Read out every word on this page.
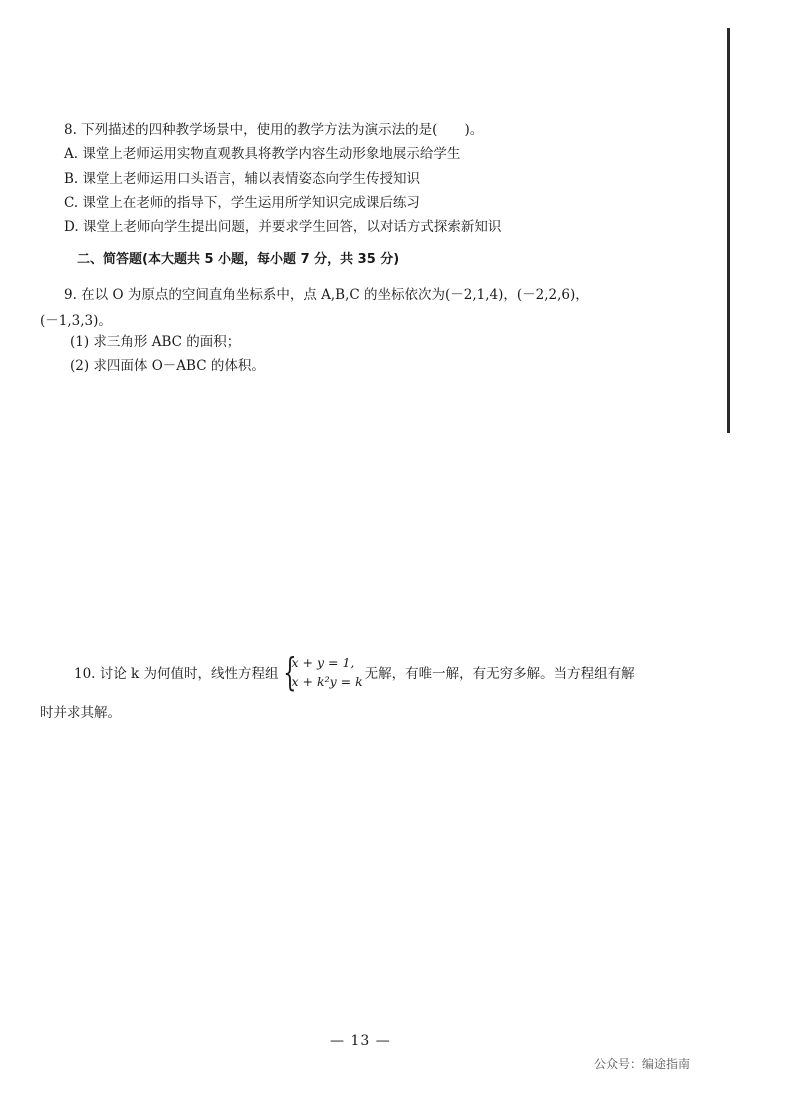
8. 下列描述的四种教学场景中，使用的教学方法为演示法的是(　　)。
A. 课堂上老师运用实物直观教具将教学内容生动形象地展示给学生
B. 课堂上老师运用口头语言，辅以表情姿态向学生传授知识
C. 课堂上在老师的指导下，学生运用所学知识完成课后练习
D. 课堂上老师向学生提出问题，并要求学生回答，以对话方式探索新知识
二、简答题(本大题共 5 小题，每小题 7 分，共 35 分)
9. 在以 O 为原点的空间直角坐标系中，点 A,B,C 的坐标依次为(－2,1,4)，(－2,2,6)，
(－1,3,3)。
(1) 求三角形 ABC 的面积；
(2) 求四面体 O－ABC 的体积。
10. 讨论 k 为何值时，线性方程组 {
x + y = 1,
x + k²y = k 无解，有唯一解，有无穷多解。当方程组有解
时并求其解。
— 13 —
公众号：编途指南
